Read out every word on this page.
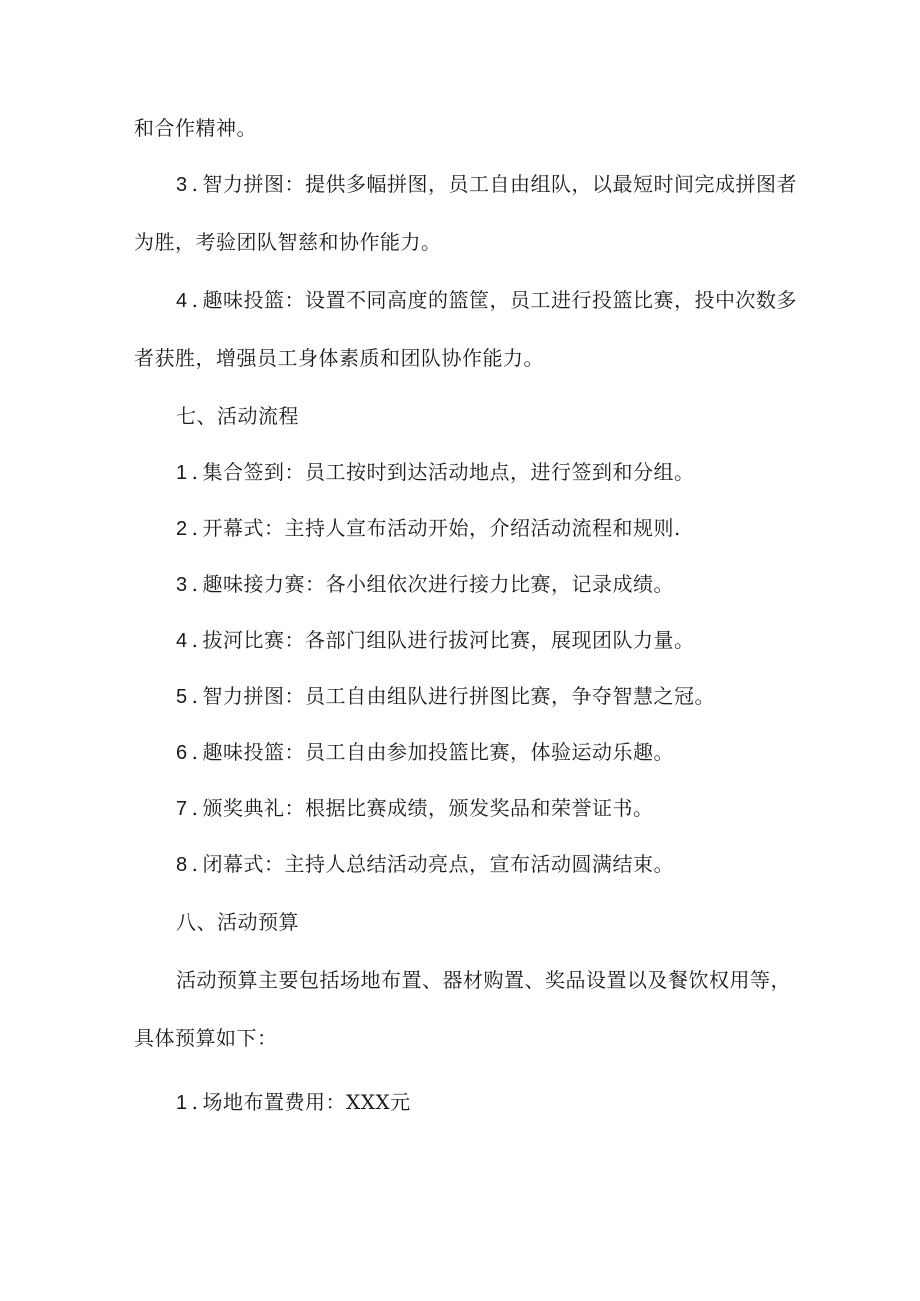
和合作精神。
3 . 智力拼图：提供多幅拼图，员工自由组队，以最短时间完成拼图者
为胜，考验团队智慈和协作能力。
4 . 趣味投篮：设置不同高度的篮筐，员工进行投篮比赛，投中次数多
者获胜，增强员工身体素质和团队协作能力。
七、活动流程
1 . 集合签到：员工按时到达活动地点，进行签到和分组。
2 . 开幕式：主持人宣布活动开始，介绍活动流程和规则.
3 . 趣味接力赛：各小组依次进行接力比赛，记录成绩。
4 . 拔河比赛：各部门组队进行拔河比赛，展现团队力量。
5 . 智力拼图：员工自由组队进行拼图比赛，争夺智慧之冠。
6 . 趣味投篮：员工自由参加投篮比赛，体验运动乐趣。
7 . 颁奖典礼：根据比赛成绩，颁发奖品和荣誉证书。
8 . 闭幕式：主持人总结活动亮点，宣布活动圆满结束。
八、活动预算
活动预算主要包括场地布置、器材购置、奖品设置以及餐饮权用等，
具体预算如下：
1 . 场地布置费用：XXX元
